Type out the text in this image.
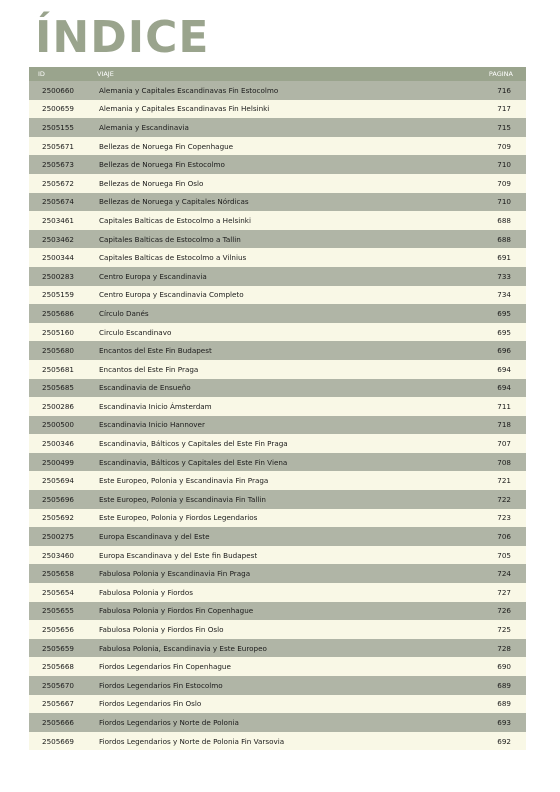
ÍNDICE
ID	VIAJE	PAGINA
2500660	Alemania y Capitales Escandinavas Fin Estocolmo	716
2500659	Alemania y Capitales Escandinavas Fin Helsinki	717
2505155	Alemania y Escandinavia	715
2505671	Bellezas de Noruega Fin Copenhague	709
2505673	Bellezas de Noruega Fin Estocolmo	710
2505672	Bellezas de Noruega Fin Oslo	709
2505674	Bellezas de Noruega y Capitales Nórdicas	710
2503461	Capitales Balticas de Estocolmo a Helsinki	688
2503462	Capitales Balticas de Estocolmo a Tallin	688
2500344	Capitales Balticas de Estocolmo a Vilnius	691
2500283	Centro Europa y Escandinavia	733
2505159	Centro Europa y Escandinavia Completo	734
2505686	Círculo Danés	695
2505160	Circulo Escandinavo	695
2505680	Encantos del Este Fin Budapest	696
2505681	Encantos del Este Fin Praga	694
2505685	Escandinavia de Ensueño	694
2500286	Escandinavia Inicio Ámsterdam	711
2500500	Escandinavia Inicio Hannover	718
2500346	Escandinavia, Bálticos y Capitales del Este Fin Praga	707
2500499	Escandinavia, Bálticos y Capitales del Este Fin Viena	708
2505694	Este Europeo, Polonia y Escandinavia Fin Praga	721
2505696	Este Europeo, Polonia y Escandinavia Fin Tallin	722
2505692	Este Europeo, Polonia y Fiordos Legendarios	723
2500275	Europa Escandinava y del Este	706
2503460	Europa Escandinava y del Este fin Budapest	705
2505658	Fabulosa Polonia y Escandinavia Fin Praga	724
2505654	Fabulosa Polonia y Fiordos	727
2505655	Fabulosa Polonia y Fiordos Fin Copenhague	726
2505656	Fabulosa Polonia y Fiordos Fin Oslo	725
2505659	Fabulosa Polonia, Escandinavia y Este Europeo	728
2505668	Fiordos Legendarios Fin Copenhague	690
2505670	Fiordos Legendarios Fin Estocolmo	689
2505667	Fiordos Legendarios Fin Oslo	689
2505666	Fiordos Legendarios y Norte de Polonia	693
2505669	Fiordos Legendarios y Norte de Polonia Fin Varsovia	692
